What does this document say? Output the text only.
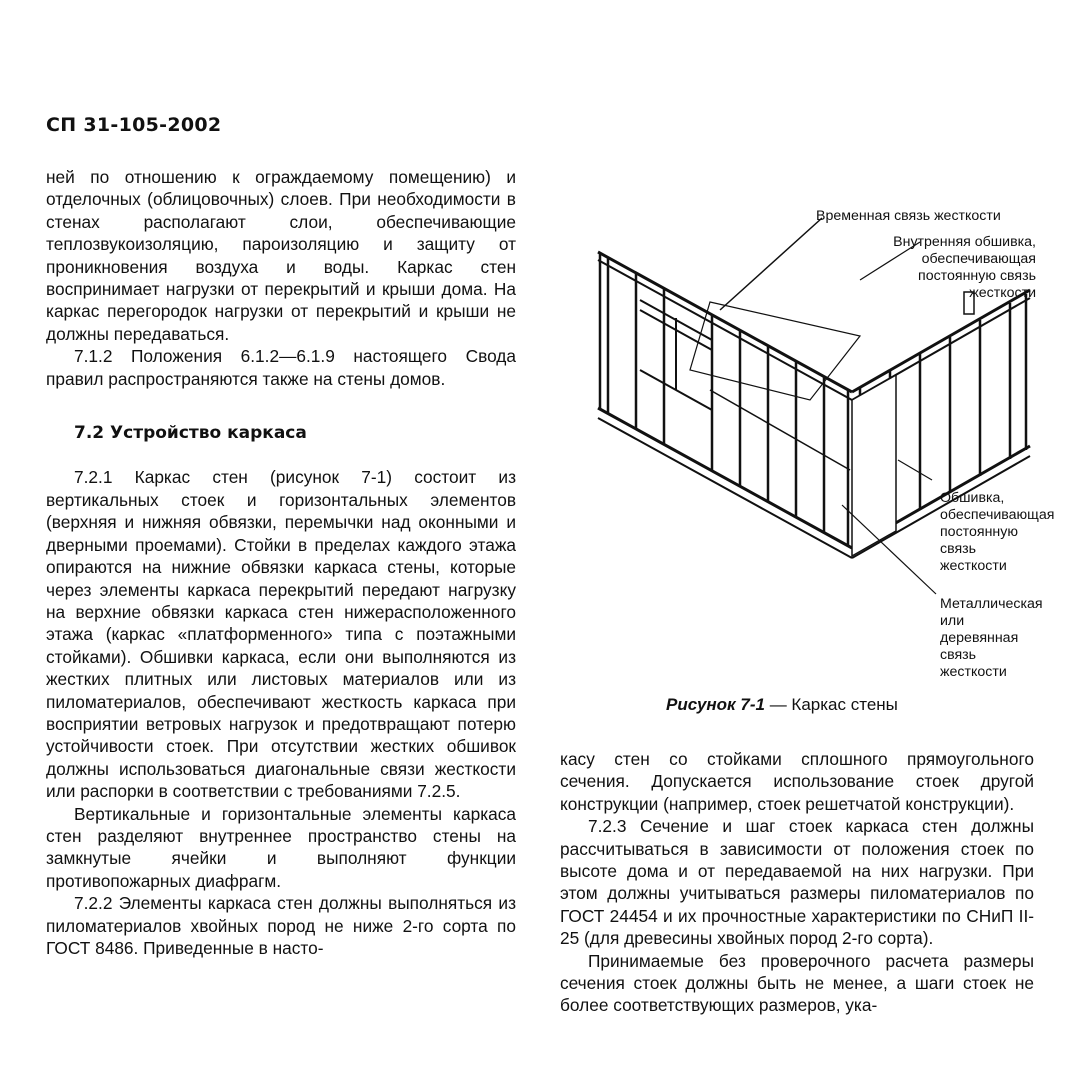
СП 31-105-2002

ней по отношению к ограждаемому помещению) и отделочных (облицовочных) слоев. При необходимости в стенах располагают слои, обеспечивающие теплозвукоизоляцию, пароизоляцию и защиту от проникновения воздуха и воды. Каркас стен воспринимает нагрузки от перекрытий и крыши дома. На каркас перегородок нагрузки от перекрытий и крыши не должны передаваться.

7.1.2 Положения 6.1.2—6.1.9 настоящего Свода правил распространяются также на стены домов.

7.2 Устройство каркаса

7.2.1 Каркас стен (рисунок 7-1) состоит из вертикальных стоек и горизонтальных элементов (верхняя и нижняя обвязки, перемычки над оконными и дверными проемами). Стойки в пределах каждого этажа опираются на нижние обвязки каркаса стены, которые через элементы каркаса перекрытий передают нагрузку на верхние обвязки каркаса стен нижерасположенного этажа (каркас «платформенного» типа с поэтажными стойками). Обшивки каркаса, если они выполняются из жестких плитных или листовых материалов или из пиломатериалов, обеспечивают жесткость каркаса при восприятии ветровых нагрузок и предотвращают потерю устойчивости стоек. При отсутствии жестких обшивок должны использоваться диагональные связи жесткости или распорки в соответствии с требованиями 7.2.5.

Вертикальные и горизонтальные элементы каркаса стен разделяют внутреннее пространство стены на замкнутые ячейки и выполняют функции противопожарных диафрагм.

7.2.2 Элементы каркаса стен должны выполняться из пиломатериалов хвойных пород не ниже 2-го сорта по ГОСТ 8486. Приведенные в насто-

Временная связь жесткости
Внутренняя обшивка, обеспечивающая постоянную связь жесткости
Обшивка, обеспечивающая постоянную связь жесткости
Металлическая или деревянная связь жесткости
Рисунок 7-1 — Каркас стены

касу стен со стойками сплошного прямоугольного сечения. Допускается использование стоек другой конструкции (например, стоек решетчатой конструкции).

7.2.3 Сечение и шаг стоек каркаса стен должны рассчитываться в зависимости от положения стоек по высоте дома и от передаваемой на них нагрузки. При этом должны учитываться размеры пиломатериалов по ГОСТ 24454 и их прочностные характеристики по СНиП II-25 (для древесины хвойных пород 2-го сорта).

Принимаемые без проверочного расчета размеры сечения стоек должны быть не менее, а шаги стоек не более соответствующих размеров, ука-
